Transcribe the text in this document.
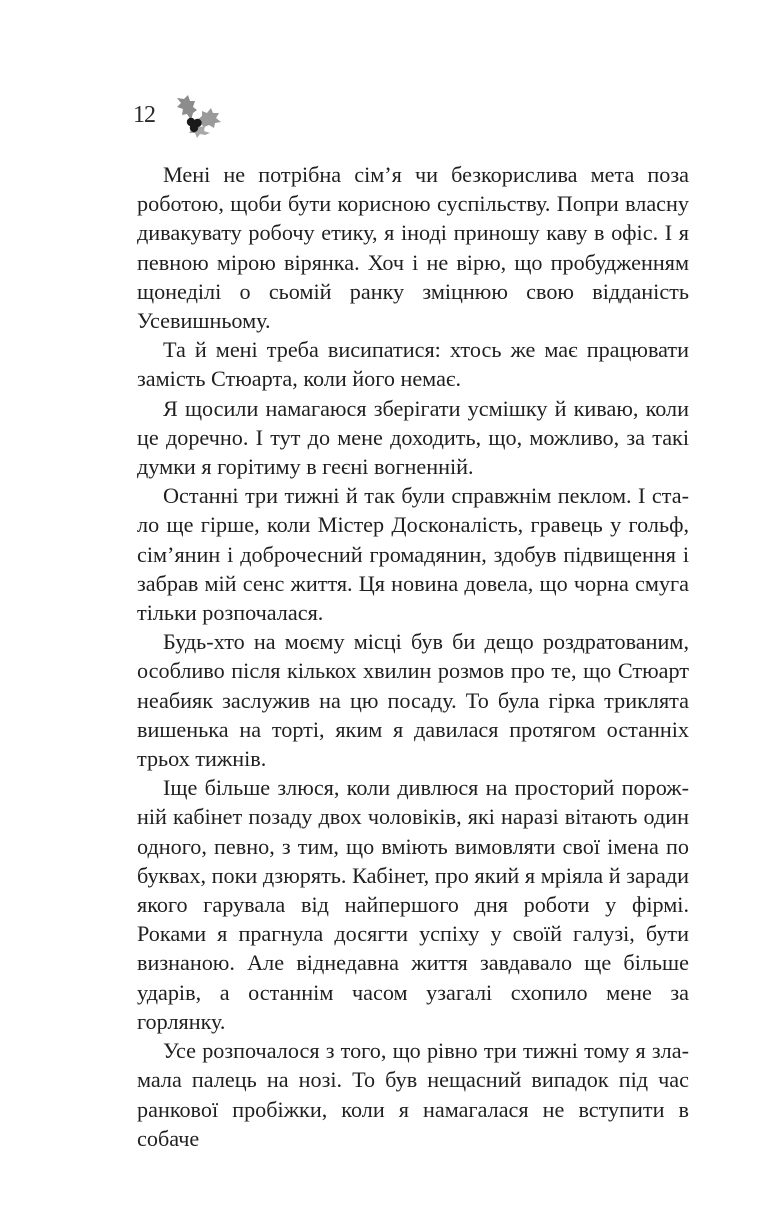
12

Мені не потрібна сім’я чи безкорислива мета поза роботою, щоби бути корисною суспільству. Попри власну дивакувату робочу етику, я іноді приношу каву в офіс. І я певною мірою вірянка. Хоч і не вірю, що пробудженням щонеділі о сьомій ранку зміцнюю свою відданість Усевишньому.

Та й мені треба висипатися: хтось же має працювати замість Стюарта, коли його немає.

Я щосили намагаюся зберігати усмішку й киваю, коли це доречно. І тут до мене доходить, що, можливо, за такі думки я горітиму в геєні вогненній.

Останні три тижні й так були справжнім пеклом. І стало ще гірше, коли Містер Досконалість, гравець у гольф, сім’янин і доброчесний громадянин, здобув підвищення і забрав мій сенс життя. Ця новина довела, що чорна смуга тільки розпочалася.

Будь-хто на моєму місці був би дещо роздратованим, особливо після кількох хвилин розмов про те, що Стюарт неабияк заслужив на цю посаду. То була гірка триклята вишенька на торті, яким я давилася протягом останніх трьох тижнів.

Іще більше злюся, коли дивлюся на просторий порожній кабінет позаду двох чоловіків, які наразі вітають один одного, певно, з тим, що вміють вимовляти свої імена по буквах, поки дзюрять. Кабінет, про який я мріяла й заради якого гарувала від найпершого дня роботи у фірмі. Роками я прагнула досягти успіху у своїй галузі, бути визнаною. Але віднедавна життя завдавало ще більше ударів, а останнім часом узагалі схопило мене за горлянку.

Усе розпочалося з того, що рівно три тижні тому я зламала палець на нозі. То був нещасний випадок під час ранкової пробіжки, коли я намагалася не вступити в собаче
